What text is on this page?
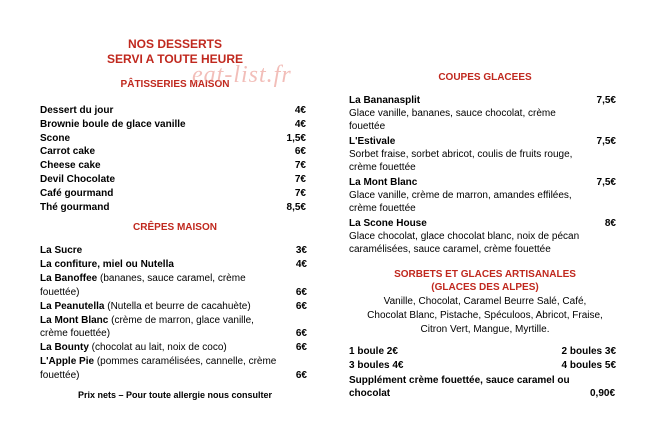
NOS DESSERTS
SERVI A TOUTE HEURE
PÂTISSERIES MAISON
eat-list.fr
Dessert du jour	4€
Brownie boule de glace vanille	4€
Scone	1,5€
Carrot cake	6€
Cheese cake	7€
Devil Chocolate	7€
Café gourmand	7€
Thé gourmand	8,5€
CRÊPES MAISON
La Sucre	3€
La confiture, miel ou Nutella	4€
La Banoffee (bananes, sauce caramel, crème
fouettée)	6€
La Peanutella (Nutella et beurre de cacahuète)	6€
La Mont Blanc (crème de marron, glace vanille,
crème fouettée)	6€
La Bounty (chocolat au lait, noix de coco)	6€
L'Apple Pie (pommes caramélisées, cannelle, crème
fouettée)	6€
Prix nets – Pour toute allergie nous consulter
COUPES GLACEES
La Bananasplit	7,5€
Glace vanille, bananes, sauce chocolat, crème
fouettée
L'Estivale	7,5€
Sorbet fraise, sorbet abricot, coulis de fruits rouge,
crème fouettée
La Mont Blanc	7,5€
Glace vanille, crème de marron, amandes effilées,
crème fouettée
La Scone House	8€
Glace chocolat, glace chocolat blanc, noix de pécan
caramélisées, sauce caramel, crème fouettée
SORBETS ET GLACES ARTISANALES
(GLACES DES ALPES)
Vanille, Chocolat, Caramel Beurre Salé, Café,
Chocolat Blanc, Pistache, Spéculoos, Abricot, Fraise,
Citron Vert, Mangue, Myrtille.
1 boule 2€	2 boules 3€
3 boules 4€	4 boules 5€
Supplément crème fouettée, sauce caramel ou
chocolat	0,90€
